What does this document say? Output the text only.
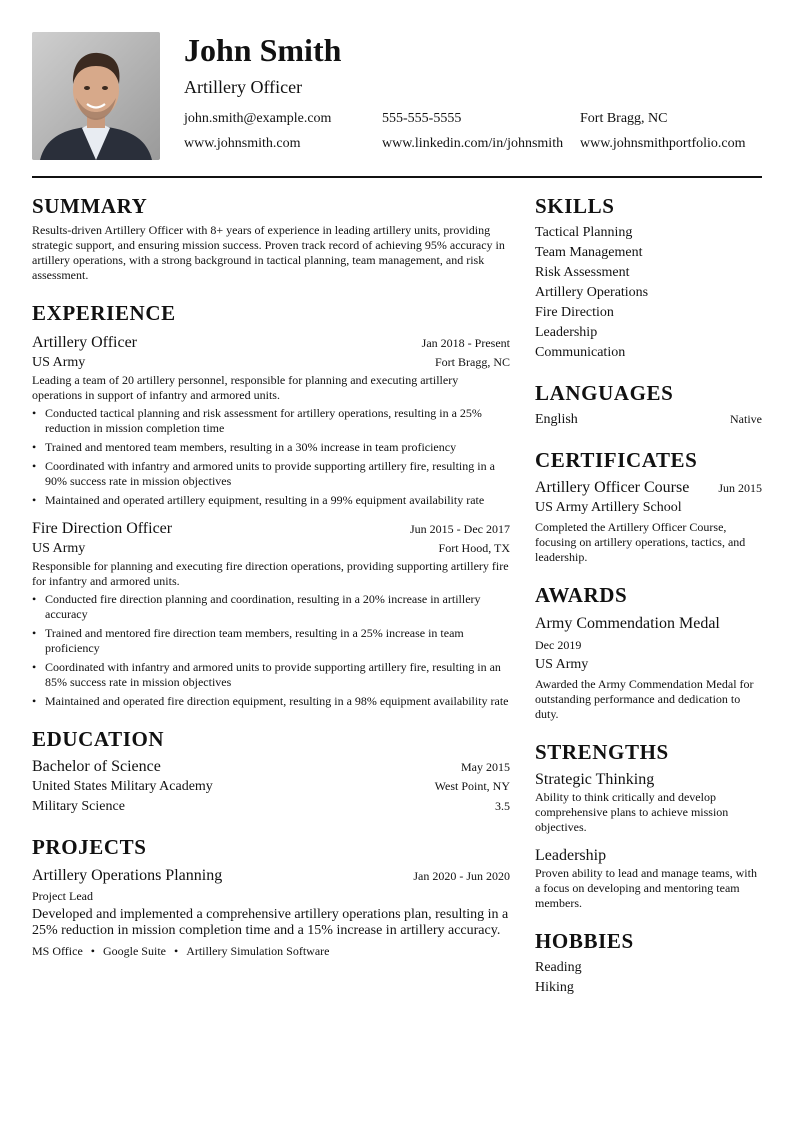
John Smith
Artillery Officer
john.smith@example.com	555-555-5555	Fort Bragg, NC
www.johnsmith.com	www.linkedin.com/in/johnsmith www.johnsmithportfolio.com
SUMMARY
Results-driven Artillery Officer with 8+ years of experience in leading artillery units, providing strategic support, and ensuring mission success. Proven track record of achieving 95% accuracy in artillery operations, with a strong background in tactical planning, team management, and risk assessment.
EXPERIENCE
Artillery Officer	Jan 2018 - Present
US Army	Fort Bragg, NC
Leading a team of 20 artillery personnel, responsible for planning and executing artillery operations in support of infantry and armored units.
• Conducted tactical planning and risk assessment for artillery operations, resulting in a 25% reduction in mission completion time
• Trained and mentored team members, resulting in a 30% increase in team proficiency
• Coordinated with infantry and armored units to provide supporting artillery fire, resulting in a 90% success rate in mission objectives
• Maintained and operated artillery equipment, resulting in a 99% equipment availability rate
Fire Direction Officer	Jun 2015 - Dec 2017
US Army	Fort Hood, TX
Responsible for planning and executing fire direction operations, providing supporting artillery fire for infantry and armored units.
• Conducted fire direction planning and coordination, resulting in a 20% increase in artillery accuracy
• Trained and mentored fire direction team members, resulting in a 25% increase in team proficiency
• Coordinated with infantry and armored units to provide supporting artillery fire, resulting in an 85% success rate in mission objectives
• Maintained and operated fire direction equipment, resulting in a 98% equipment availability rate
EDUCATION
Bachelor of Science	May 2015
United States Military Academy	West Point, NY
Military Science	3.5
PROJECTS
Artillery Operations Planning	Jan 2020 - Jun 2020
Project Lead
Developed and implemented a comprehensive artillery operations plan, resulting in a 25% reduction in mission completion time and a 15% increase in artillery accuracy.
MS Office • Google Suite • Artillery Simulation Software
SKILLS
Tactical Planning
Team Management
Risk Assessment
Artillery Operations
Fire Direction
Leadership
Communication
LANGUAGES
English	Native
CERTIFICATES
Artillery Officer Course Jun 2015
US Army Artillery School
Completed the Artillery Officer Course, focusing on artillery operations, tactics, and leadership.
AWARDS
Army Commendation Medal
Dec 2019
US Army
Awarded the Army Commendation Medal for outstanding performance and dedication to duty.
STRENGTHS
Strategic Thinking
Ability to think critically and develop comprehensive plans to achieve mission objectives.
Leadership
Proven ability to lead and manage teams, with a focus on developing and mentoring team members.
HOBBIES
Reading
Hiking
